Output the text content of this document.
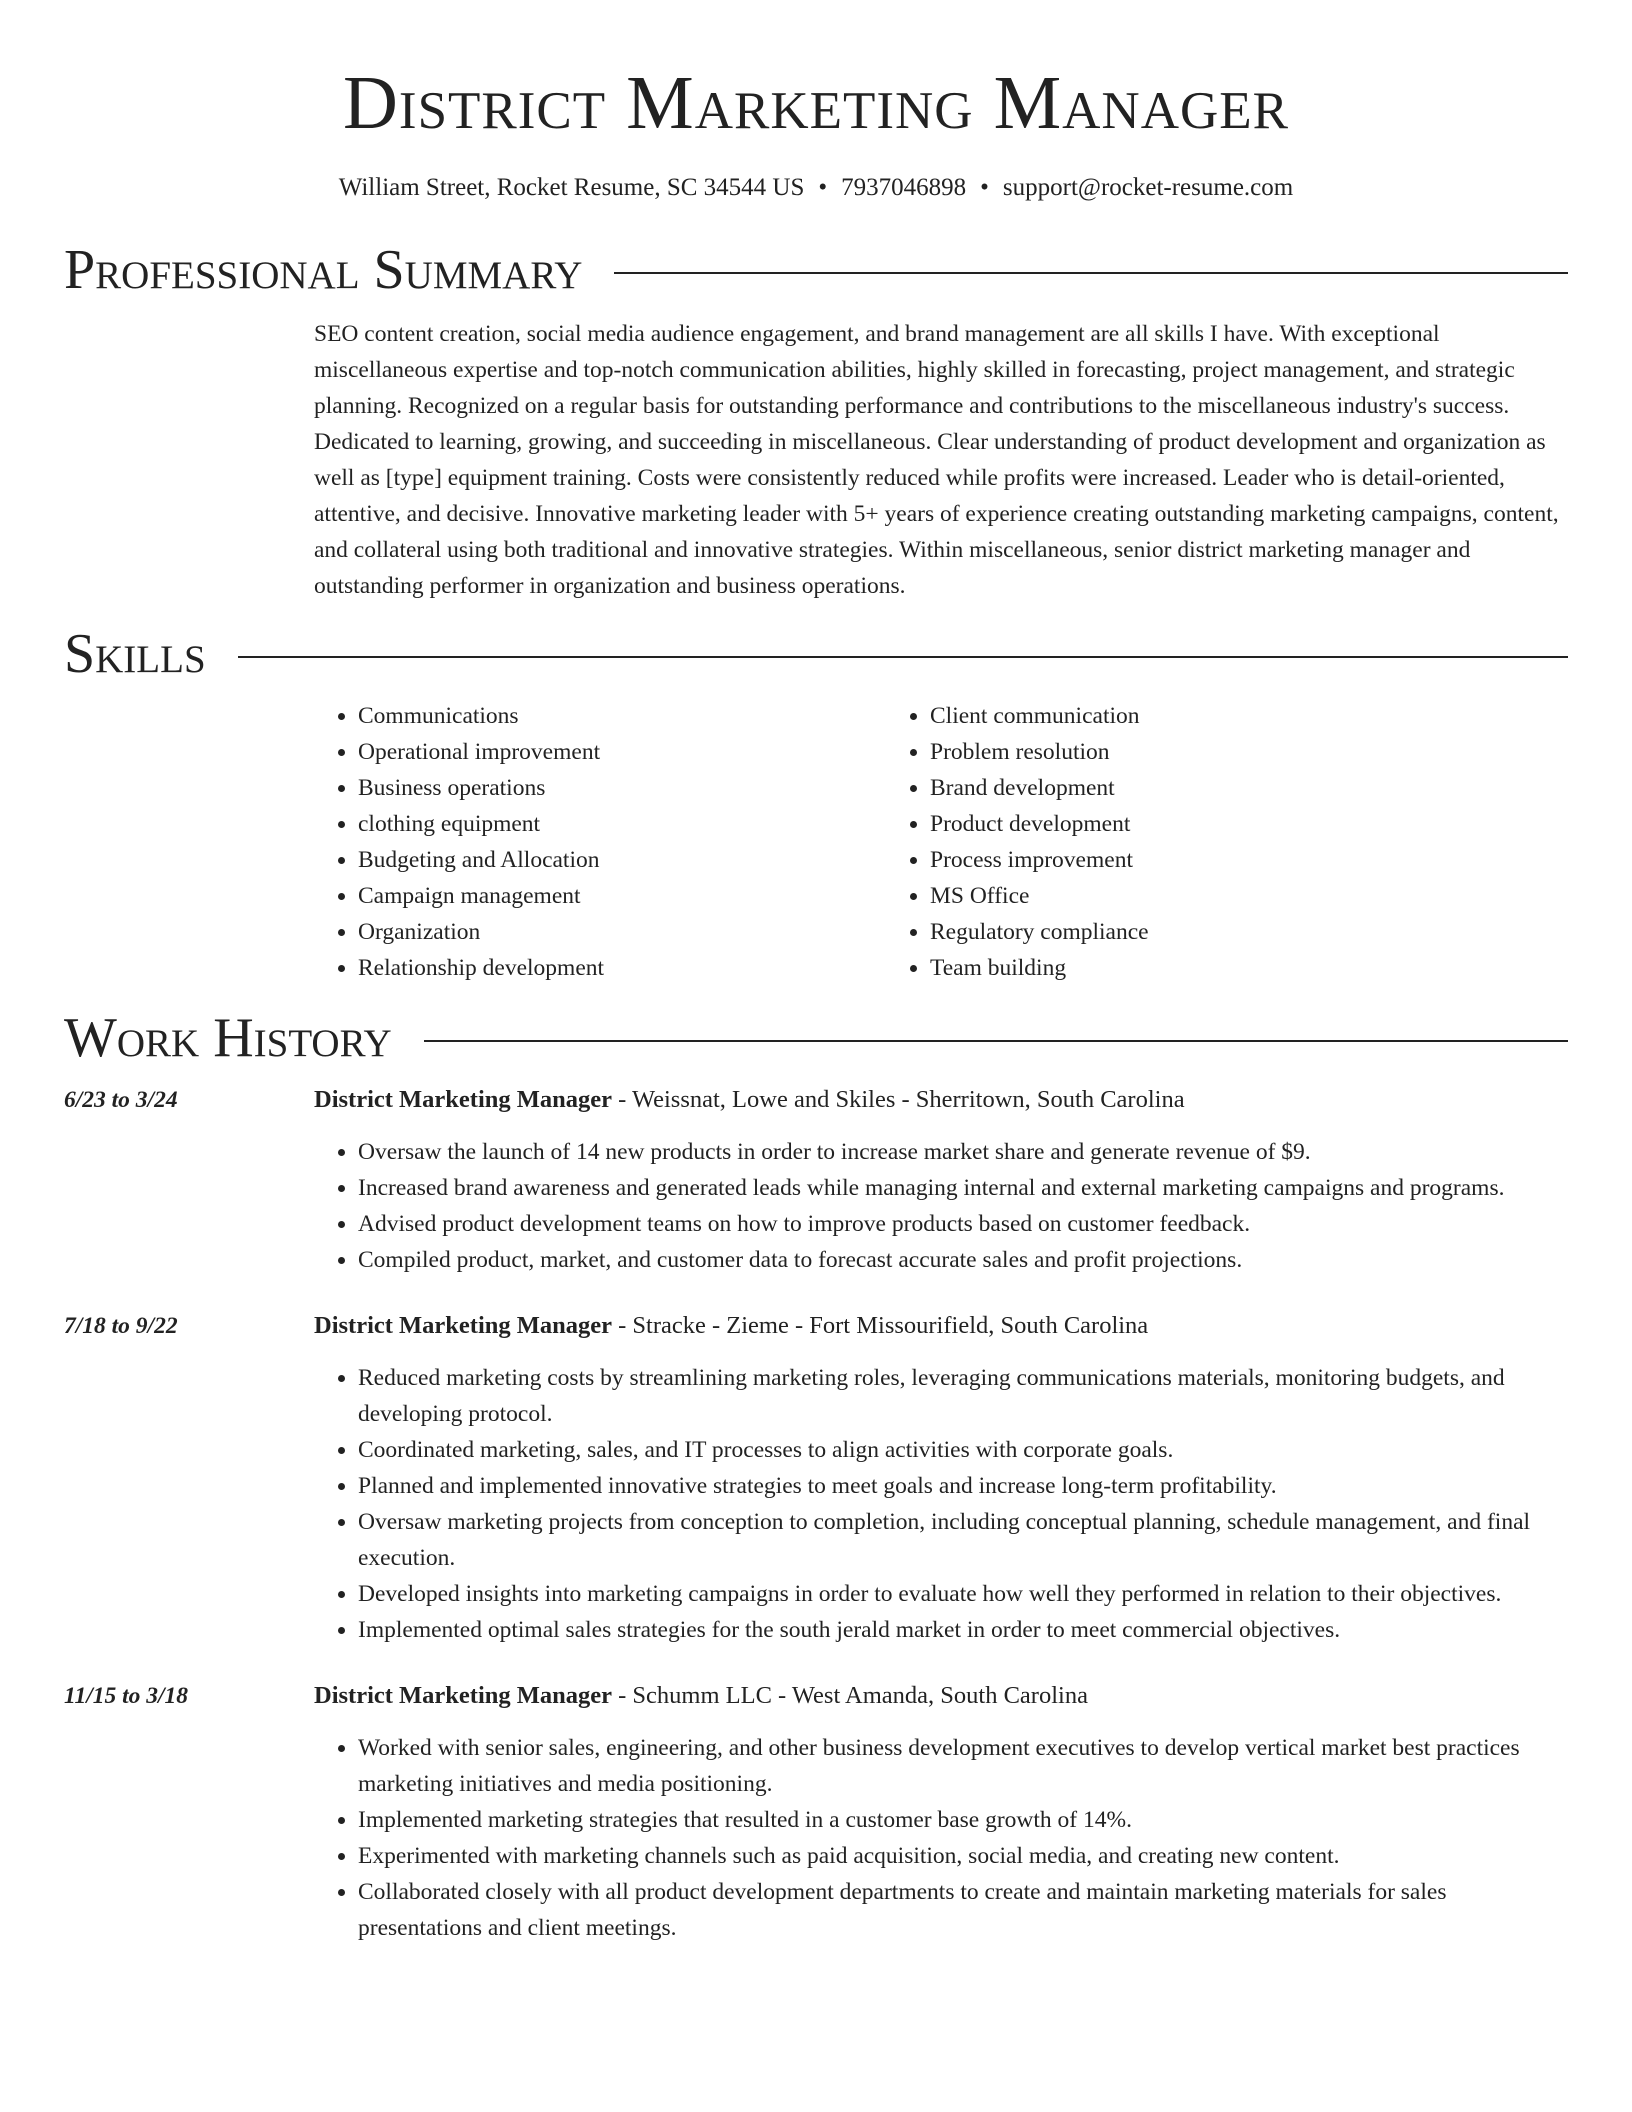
District Marketing Manager
William Street, Rocket Resume, SC 34544 US • 7937046898 • support@rocket-resume.com
Professional Summary

SEO content creation, social media audience engagement, and brand management are all skills I have. With exceptional miscellaneous expertise and top-notch communication abilities, highly skilled in forecasting, project management, and strategic planning. Recognized on a regular basis for outstanding performance and contributions to the miscellaneous industry's success. Dedicated to learning, growing, and succeeding in miscellaneous. Clear understanding of product development and organization as well as [type] equipment training. Costs were consistently reduced while profits were increased. Leader who is detail-oriented, attentive, and decisive. Innovative marketing leader with 5+ years of experience creating outstanding marketing campaigns, content, and collateral using both traditional and innovative strategies. Within miscellaneous, senior district marketing manager and outstanding performer in organization and business operations.

Skills
• Communications
• Operational improvement
• Business operations
• clothing equipment
• Budgeting and Allocation
• Campaign management
• Organization
• Relationship development
• Client communication
• Problem resolution
• Brand development
• Product development
• Process improvement
• MS Office
• Regulatory compliance
• Team building
Work History
6/23 to 3/24	District Marketing Manager - Weissnat, Lowe and Skiles - Sherritown, South Carolina
• Oversaw the launch of 14 new products in order to increase market share and generate revenue of $9.
• Increased brand awareness and generated leads while managing internal and external marketing campaigns and programs.
• Advised product development teams on how to improve products based on customer feedback.
• Compiled product, market, and customer data to forecast accurate sales and profit projections.
7/18 to 9/22	District Marketing Manager - Stracke - Zieme - Fort Missourifield, South Carolina
• Reduced marketing costs by streamlining marketing roles, leveraging communications materials, monitoring budgets, and developing protocol.
• Coordinated marketing, sales, and IT processes to align activities with corporate goals.
• Planned and implemented innovative strategies to meet goals and increase long-term profitability.
• Oversaw marketing projects from conception to completion, including conceptual planning, schedule management, and final execution.
• Developed insights into marketing campaigns in order to evaluate how well they performed in relation to their objectives.
• Implemented optimal sales strategies for the south jerald market in order to meet commercial objectives.
11/15 to 3/18	District Marketing Manager - Schumm LLC - West Amanda, South Carolina
• Worked with senior sales, engineering, and other business development executives to develop vertical market best practices marketing initiatives and media positioning.
• Implemented marketing strategies that resulted in a customer base growth of 14%.
• Experimented with marketing channels such as paid acquisition, social media, and creating new content.
• Collaborated closely with all product development departments to create and maintain marketing materials for sales presentations and client meetings.
